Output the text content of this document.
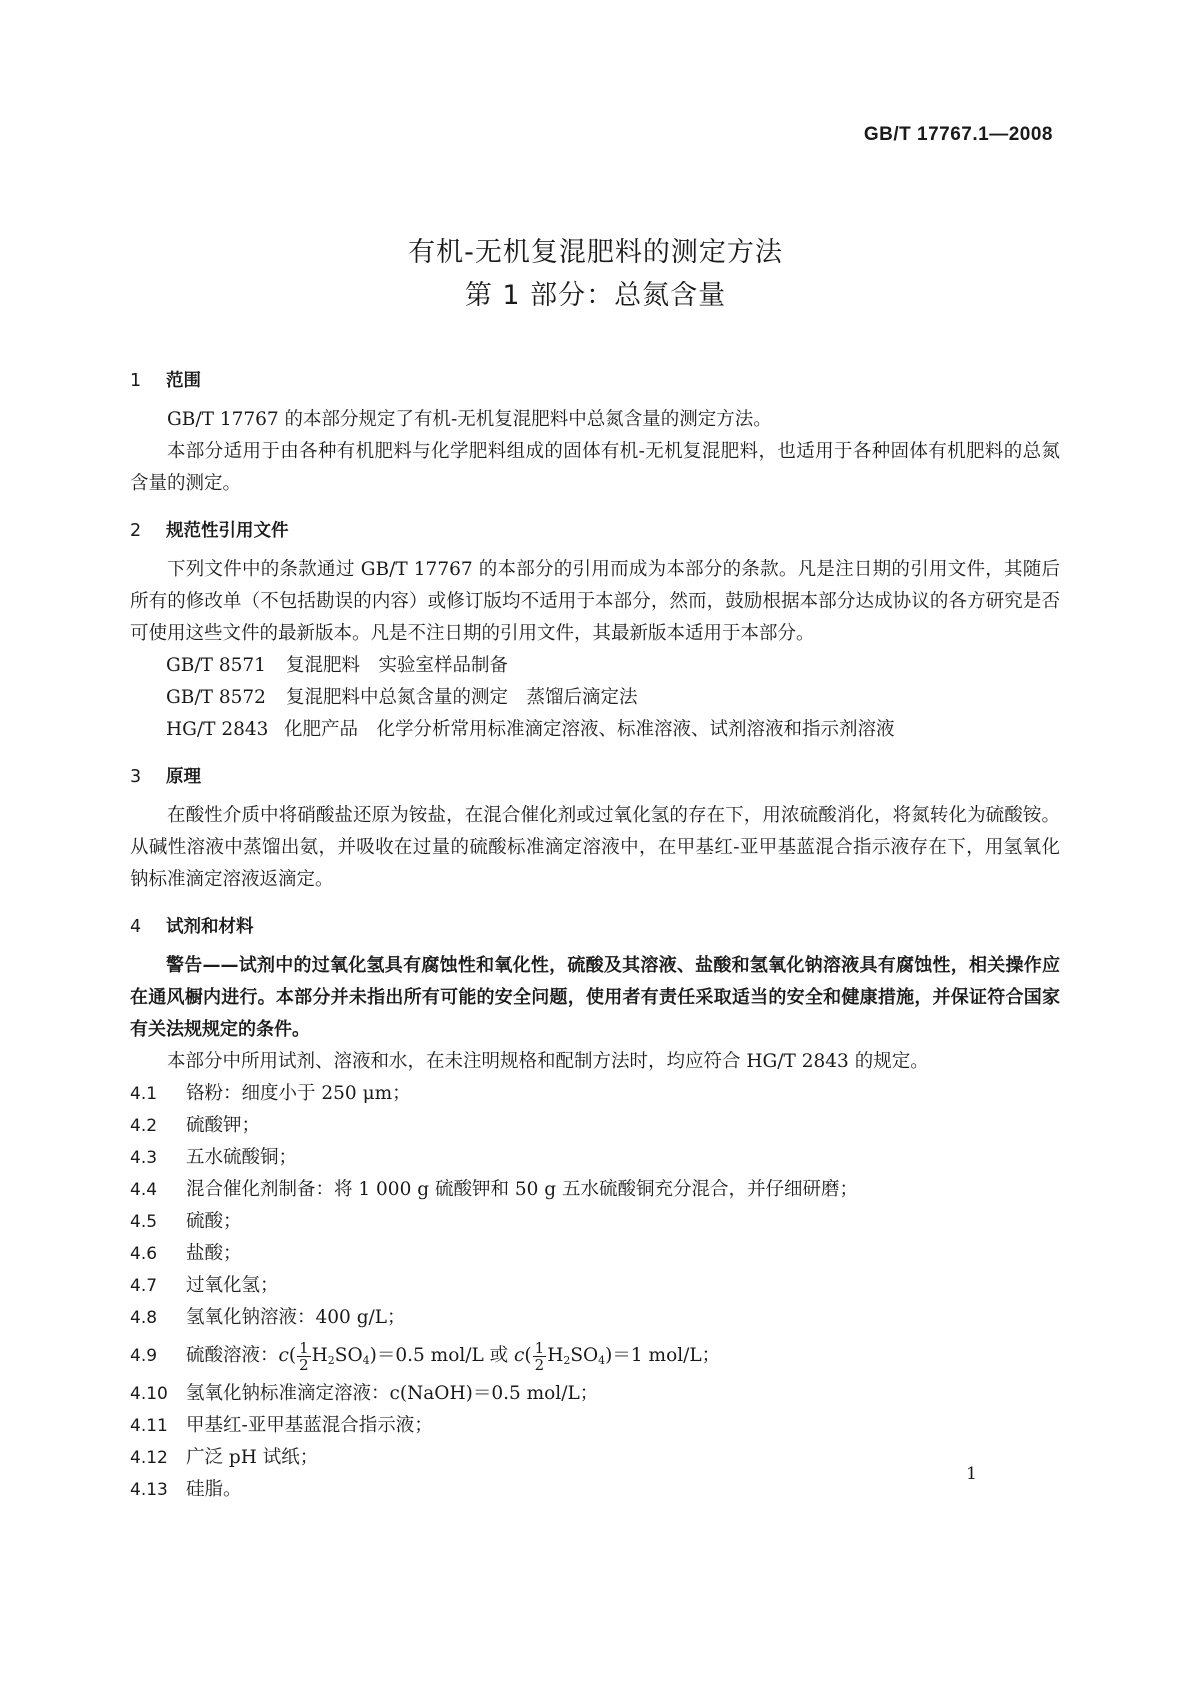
GB/T 17767.1—2008
有机-无机复混肥料的测定方法
第 1 部分：总氮含量
1 范围

GB/T 17767 的本部分规定了有机-无机复混肥料中总氮含量的测定方法。

本部分适用于由各种有机肥料与化学肥料组成的固体有机-无机复混肥料，也适用于各种固体有机肥料的总氮含量的测定。

2 规范性引用文件

下列文件中的条款通过 GB/T 17767 的本部分的引用而成为本部分的条款。凡是注日期的引用文件，其随后所有的修改单（不包括勘误的内容）或修订版均不适用于本部分，然而，鼓励根据本部分达成协议的各方研究是否可使用这些文件的最新版本。凡是不注日期的引用文件，其最新版本适用于本部分。

GB/T 8571 复混肥料　实验室样品制备

GB/T 8572 复混肥料中总氮含量的测定　蒸馏后滴定法

HG/T 2843 化肥产品　化学分析常用标准滴定溶液、标准溶液、试剂溶液和指示剂溶液

3 原理

在酸性介质中将硝酸盐还原为铵盐，在混合催化剂或过氧化氢的存在下，用浓硫酸消化，将氮转化为硫酸铵。从碱性溶液中蒸馏出氨，并吸收在过量的硫酸标准滴定溶液中，在甲基红-亚甲基蓝混合指示液存在下，用氢氧化钠标准滴定溶液返滴定。

4 试剂和材料

警告——试剂中的过氧化氢具有腐蚀性和氧化性，硫酸及其溶液、盐酸和氢氧化钠溶液具有腐蚀性，相关操作应在通风橱内进行。本部分并未指出所有可能的安全问题，使用者有责任采取适当的安全和健康措施，并保证符合国家有关法规规定的条件。

本部分中所用试剂、溶液和水，在未注明规格和配制方法时，均应符合 HG/T 2843 的规定。

4.1 铬粉：细度小于 250 μm；

4.2 硫酸钾；

4.3 五水硫酸铜；

4.4 混合催化剂制备：将 1 000 g 硫酸钾和 50 g 五水硫酸铜充分混合，并仔细研磨；

4.5 硫酸；

4.6 盐酸；

4.7 过氧化氢；

4.8 氢氧化钠溶液：400 g/L；

4.9 硫酸溶液：$c( \frac{1}{2} H_2SO_4)=0.5$ mol/L 或 $c( \frac{1}{2} H_2SO_4)=1$ mol/L；

4.10 氢氧化钠标准滴定溶液：c(NaOH)＝0.5 mol/L；

4.11 甲基红-亚甲基蓝混合指示液；

4.12 广泛 pH 试纸；

4.13 硅脂。

1
